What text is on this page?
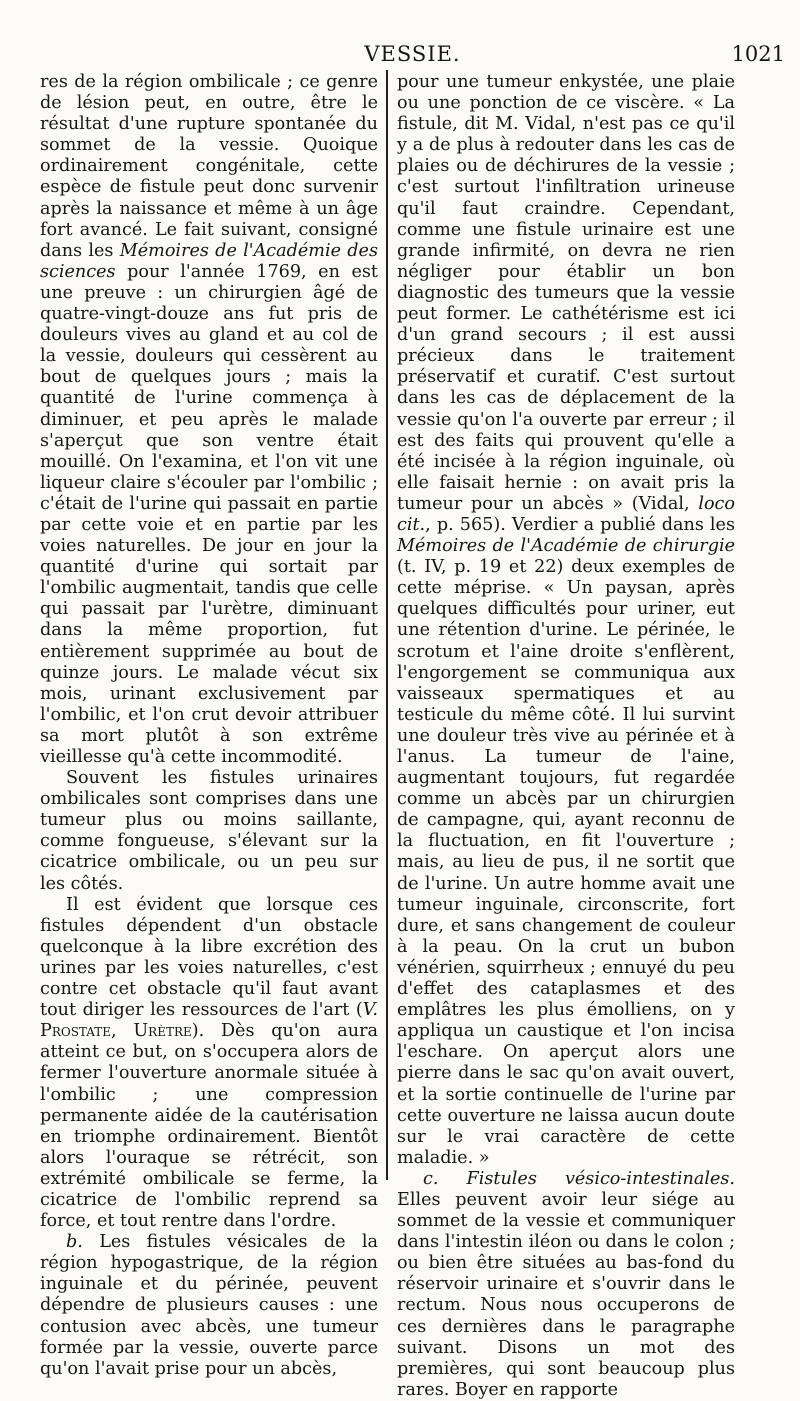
VESSIE.	1021

res de la région ombilicale ; ce genre de lésion peut, en outre, être le résultat d'une rupture spontanée du sommet de la vessie. Quoique ordinairement congénitale, cette espèce de fistule peut donc survenir après la naissance et même à un âge fort avancé. Le fait suivant, consigné dans les Mémoires de l'Académie des sciences pour l'année 1769, en est une preuve : un chirurgien âgé de quatre-vingt-douze ans fut pris de douleurs vives au gland et au col de la vessie, douleurs qui cessèrent au bout de quelques jours ; mais la quantité de l'urine commença à diminuer, et peu après le malade s'aperçut que son ventre était mouillé. On l'examina, et l'on vit une liqueur claire s'écouler par l'ombilic ; c'était de l'urine qui passait en partie par cette voie et en partie par les voies naturelles. De jour en jour la quantité d'urine qui sortait par l'ombilic augmentait, tandis que celle qui passait par l'urètre, diminuant dans la même proportion, fut entièrement supprimée au bout de quinze jours. Le malade vécut six mois, urinant exclusivement par l'ombilic, et l'on crut devoir attribuer sa mort plutôt à son extrême vieillesse qu'à cette incommodité.

Souvent les fistules urinaires ombilicales sont comprises dans une tumeur plus ou moins saillante, comme fongueuse, s'élevant sur la cicatrice ombilicale, ou un peu sur les côtés.

Il est évident que lorsque ces fistules dépendent d'un obstacle quelconque à la libre excrétion des urines par les voies naturelles, c'est contre cet obstacle qu'il faut avant tout diriger les ressources de l'art (V. Prostate, Urètre). Dès qu'on aura atteint ce but, on s'occupera alors de fermer l'ouverture anormale située à l'ombilic ; une compression permanente aidée de la cautérisation en triomphe ordinairement. Bientôt alors l'ouraque se rétrécit, son extrémité ombilicale se ferme, la cicatrice de l'ombilic reprend sa force, et tout rentre dans l'ordre.

b. Les fistules vésicales de la région hypogastrique, de la région inguinale et du périnée, peuvent dépendre de plusieurs causes : une contusion avec abcès, une tumeur formée par la vessie, ouverte parce qu'on l'avait prise pour un abcès,

pour une tumeur enkystée, une plaie ou une ponction de ce viscère. « La fistule, dit M. Vidal, n'est pas ce qu'il y a de plus à redouter dans les cas de plaies ou de déchirures de la vessie ; c'est surtout l'infiltration urineuse qu'il faut craindre. Cependant, comme une fistule urinaire est une grande infirmité, on devra ne rien négliger pour établir un bon diagnostic des tumeurs que la vessie peut former. Le cathétérisme est ici d'un grand secours ; il est aussi précieux dans le traitement préservatif et curatif. C'est surtout dans les cas de déplacement de la vessie qu'on l'a ouverte par erreur ; il est des faits qui prouvent qu'elle a été incisée à la région inguinale, où elle faisait hernie : on avait pris la tumeur pour un abcès » (Vidal, loco cit., p. 565). Verdier a publié dans les Mémoires de l'Académie de chirurgie (t. IV, p. 19 et 22) deux exemples de cette méprise. « Un paysan, après quelques difficultés pour uriner, eut une rétention d'urine. Le périnée, le scrotum et l'aine droite s'enflèrent, l'engorgement se communiqua aux vaisseaux spermatiques et au testicule du même côté. Il lui survint une douleur très vive au périnée et à l'anus. La tumeur de l'aine, augmentant toujours, fut regardée comme un abcès par un chirurgien de campagne, qui, ayant reconnu de la fluctuation, en fit l'ouverture ; mais, au lieu de pus, il ne sortit que de l'urine. Un autre homme avait une tumeur inguinale, circonscrite, fort dure, et sans changement de couleur à la peau. On la crut un bubon vénérien, squirrheux ; ennuyé du peu d'effet des cataplasmes et des emplâtres les plus émolliens, on y appliqua un caustique et l'on incisa l'eschare. On aperçut alors une pierre dans le sac qu'on avait ouvert, et la sortie continuelle de l'urine par cette ouverture ne laissa aucun doute sur le vrai caractère de cette maladie. »

c. Fistules vésico-intestinales. Elles peuvent avoir leur siége au sommet de la vessie et communiquer dans l'intestin iléon ou dans le colon ; ou bien être situées au bas-fond du réservoir urinaire et s'ouvrir dans le rectum. Nous nous occuperons de ces dernières dans le paragraphe suivant. Disons un mot des premières, qui sont beaucoup plus rares. Boyer en rapporte
